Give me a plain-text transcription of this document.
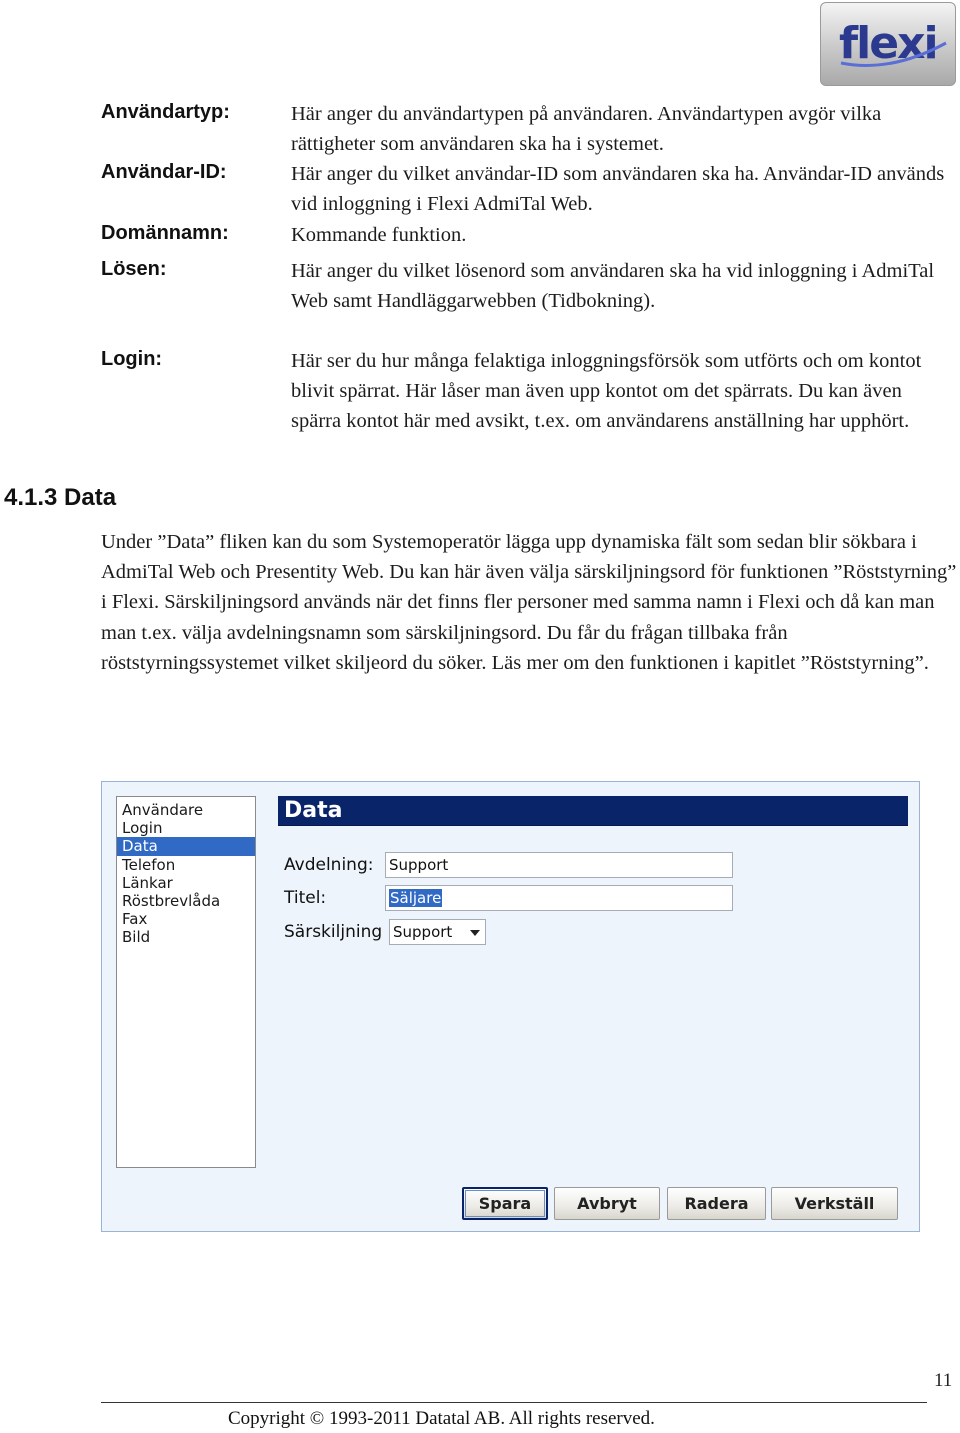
flexi
Användartyp:	Här anger du användartypen på användaren. Användartypen avgör vilka rättigheter som användaren ska ha i systemet.
Användar-ID:	Här anger du vilket användar-ID som användaren ska ha. Användar-ID används vid inloggning i Flexi AdmiTal Web.
Domännamn:	Kommande funktion.
Lösen:	Här anger du vilket lösenord som användaren ska ha vid inloggning i AdmiTal Web samt Handläggarwebben (Tidbokning).
Login:	Här ser du hur många felaktiga inloggningsförsök som utförts och om kontot blivit spärrat. Här låser man även upp kontot om det spärrats. Du kan även spärra kontot här med avsikt, t.ex. om användarens anställning har upphört.
4.1.3 Data
Under ”Data” fliken kan du som Systemoperatör lägga upp dynamiska fält som sedan blir sökbara i AdmiTal Web och Presentity Web. Du kan här även välja särskiljningsord för funktionen ”Röststyrning” i Flexi. Särskiljningsord används när det finns fler personer med samma namn i Flexi och då kan man man t.ex. välja avdelningsnamn som särskiljningsord. Du får du frågan tillbaka från röststyrningssystemet vilket skiljeord du söker. Läs mer om den funktionen i kapitlet ”Röststyrning”.
Användare
Login
Data
Telefon
Länkar
Röstbrevlåda
Fax
Bild
Data
Avdelning: Support
Titel:	Säljare
Särskiljning Support
Spara	Avbryt	Radera	Verkställ
11
Copyright © 1993-2011 Datatal AB. All rights reserved.
